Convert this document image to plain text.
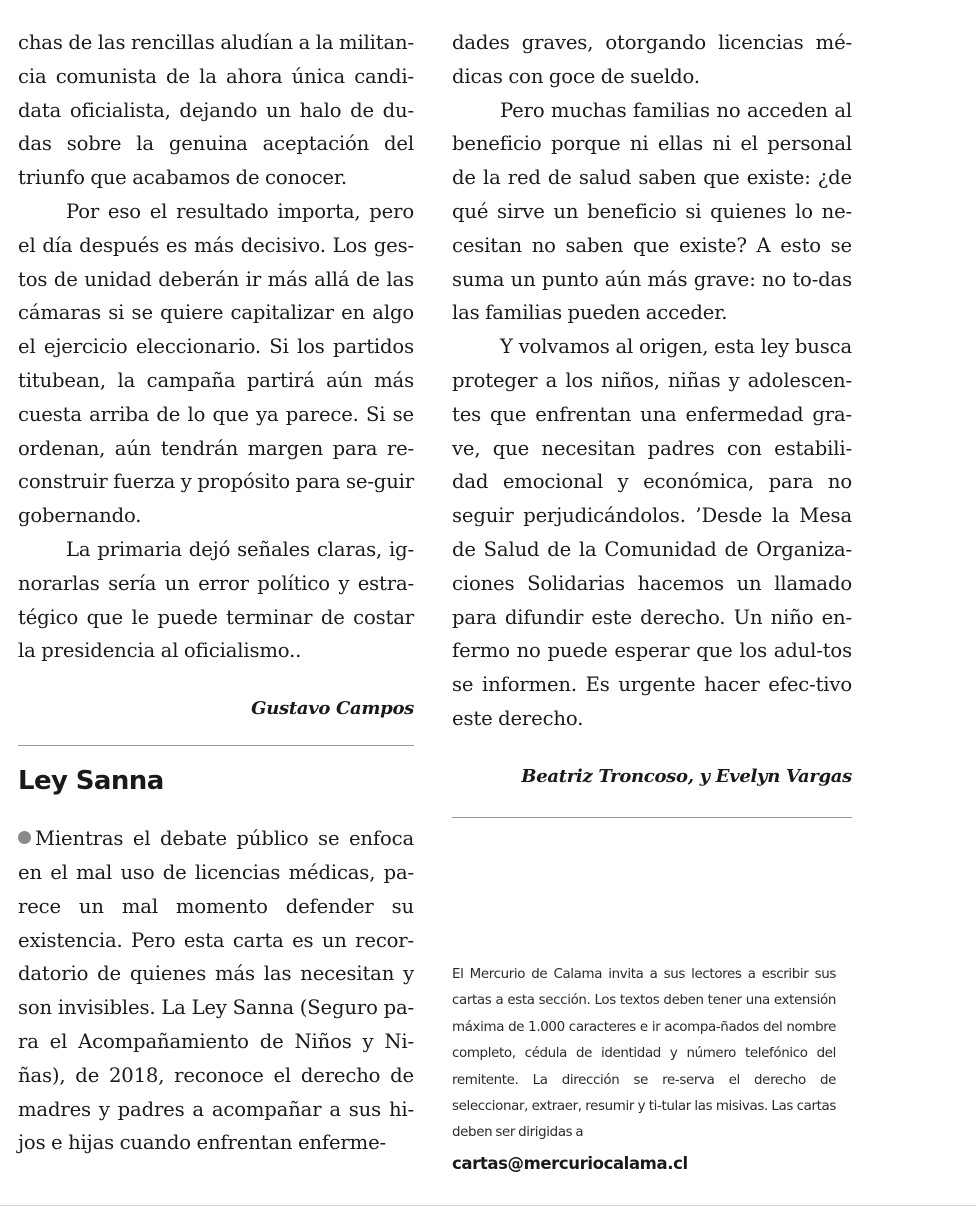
chas de las rencillas aludían a la militan-cia comunista de la ahora única candi-data oficialista, dejando un halo de du-das sobre la genuina aceptación del triunfo que acabamos de conocer.

Por eso el resultado importa, pero el día después es más decisivo. Los ges-tos de unidad deberán ir más allá de las cámaras si se quiere capitalizar en algo el ejercicio eleccionario. Si los partidos titubean, la campaña partirá aún más cuesta arriba de lo que ya parece. Si se ordenan, aún tendrán margen para re-construir fuerza y propósito para se-guir gobernando.

La primaria dejó señales claras, ig-norarlas sería un error político y estra-tégico que le puede terminar de costar la presidencia al oficialismo..

Gustavo Campos
Ley Sanna

Mientras el debate público se enfoca en el mal uso de licencias médicas, pa-rece un mal momento defender su existencia. Pero esta carta es un recor-datorio de quienes más las necesitan y son invisibles. La Ley Sanna (Seguro pa-ra el Acompañamiento de Niños y Ni-ñas), de 2018, reconoce el derecho de madres y padres a acompañar a sus hi-jos e hijas cuando enfrentan enferme-

dades graves, otorgando licencias mé-dicas con goce de sueldo.

Pero muchas familias no acceden al beneficio porque ni ellas ni el personal de la red de salud saben que existe: ¿de qué sirve un beneficio si quienes lo ne-cesitan no saben que existe? A esto se suma un punto aún más grave: no to-das las familias pueden acceder.

Y volvamos al origen, esta ley busca proteger a los niños, niñas y adolescen-tes que enfrentan una enfermedad gra-ve, que necesitan padres con estabili-dad emocional y económica, para no seguir perjudicándolos. ’Desde la Mesa de Salud de la Comunidad de Organiza-ciones Solidarias hacemos un llamado para difundir este derecho. Un niño en-fermo no puede esperar que los adul-tos se informen. Es urgente hacer efec-tivo este derecho.

Beatriz Troncoso, y Evelyn Vargas
El Mercurio de Calama invita a sus lectores a escribir sus cartas a esta sección. Los textos deben tener una extensión máxima de 1.000 caracteres e ir acompa-ñados del nombre completo, cédula de identidad y número telefónico del remitente. La dirección se re-serva el derecho de seleccionar, extraer, resumir y ti-tular las misivas. Las cartas deben ser dirigidas a
cartas@mercuriocalama.cl
